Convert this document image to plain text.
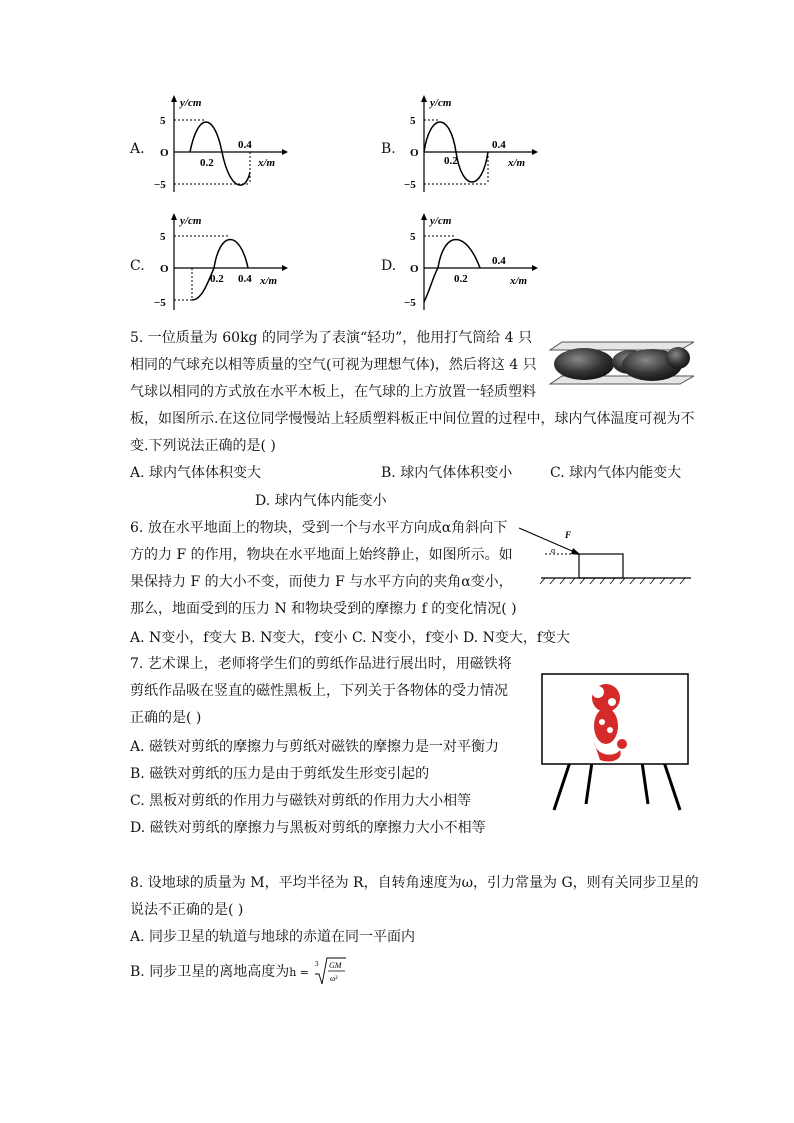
A.	B.
C.	D.
y/cm
x/m
O
5
−5
0.2
0.4
y/cm
x/m
O
5
−5
0.2
0.4
y/cm
x/m
O
5
−5
0.2 0.4
y/cm
x/m
O
5
−5
0.2
0.4

5. 一位质量为 60kg 的同学为了表演“轻功”，他用打气筒给 4 只

相同的气球充以相等质量的空气(可视为理想气体)，然后将这 4 只

气球以相同的方式放在水平木板上，在气球的上方放置一轻质塑料

板，如图所示.在这位同学慢慢站上轻质塑料板正中间位置的过程中，球内气体温度可视为不

变.下列说法正确的是( )

A. 球内气体体积变大	B. 球内气体体积变小	C. 球内气体内能变大
D. 球内气体内能变小

6. 放在水平地面上的物块，受到一个与水平方向成α角斜向下

方的力 F 的作用，物块在水平地面上始终静止，如图所示。如

果保持力 F 的大小不变，而使力 F 与水平方向的夹角α变小，

那么，地面受到的压力 N 和物块受到的摩擦力 f 的变化情况( )

F
α
A. N变小，f变大 B. N变大，f变小 C. N变小，f变小 D. N变大，f变大

7. 艺术课上，老师将学生们的剪纸作品进行展出时，用磁铁将

剪纸作品吸在竖直的磁性黑板上，下列关于各物体的受力情况

正确的是( )

A. 磁铁对剪纸的摩擦力与剪纸对磁铁的摩擦力是一对平衡力
B. 磁铁对剪纸的压力是由于剪纸发生形变引起的
C. 黑板对剪纸的作用力与磁铁对剪纸的作用力大小相等
D. 磁铁对剪纸的摩擦力与黑板对剪纸的摩擦力大小不相等

8. 设地球的质量为 M，平均半径为 R，自转角速度为ω，引力常量为 G，则有关同步卫星的

说法不正确的是( )

A. 同步卫星的轨道与地球的赤道在同一平面内
B. 同步卫星的离地高度为h =
3 GM
ω²
